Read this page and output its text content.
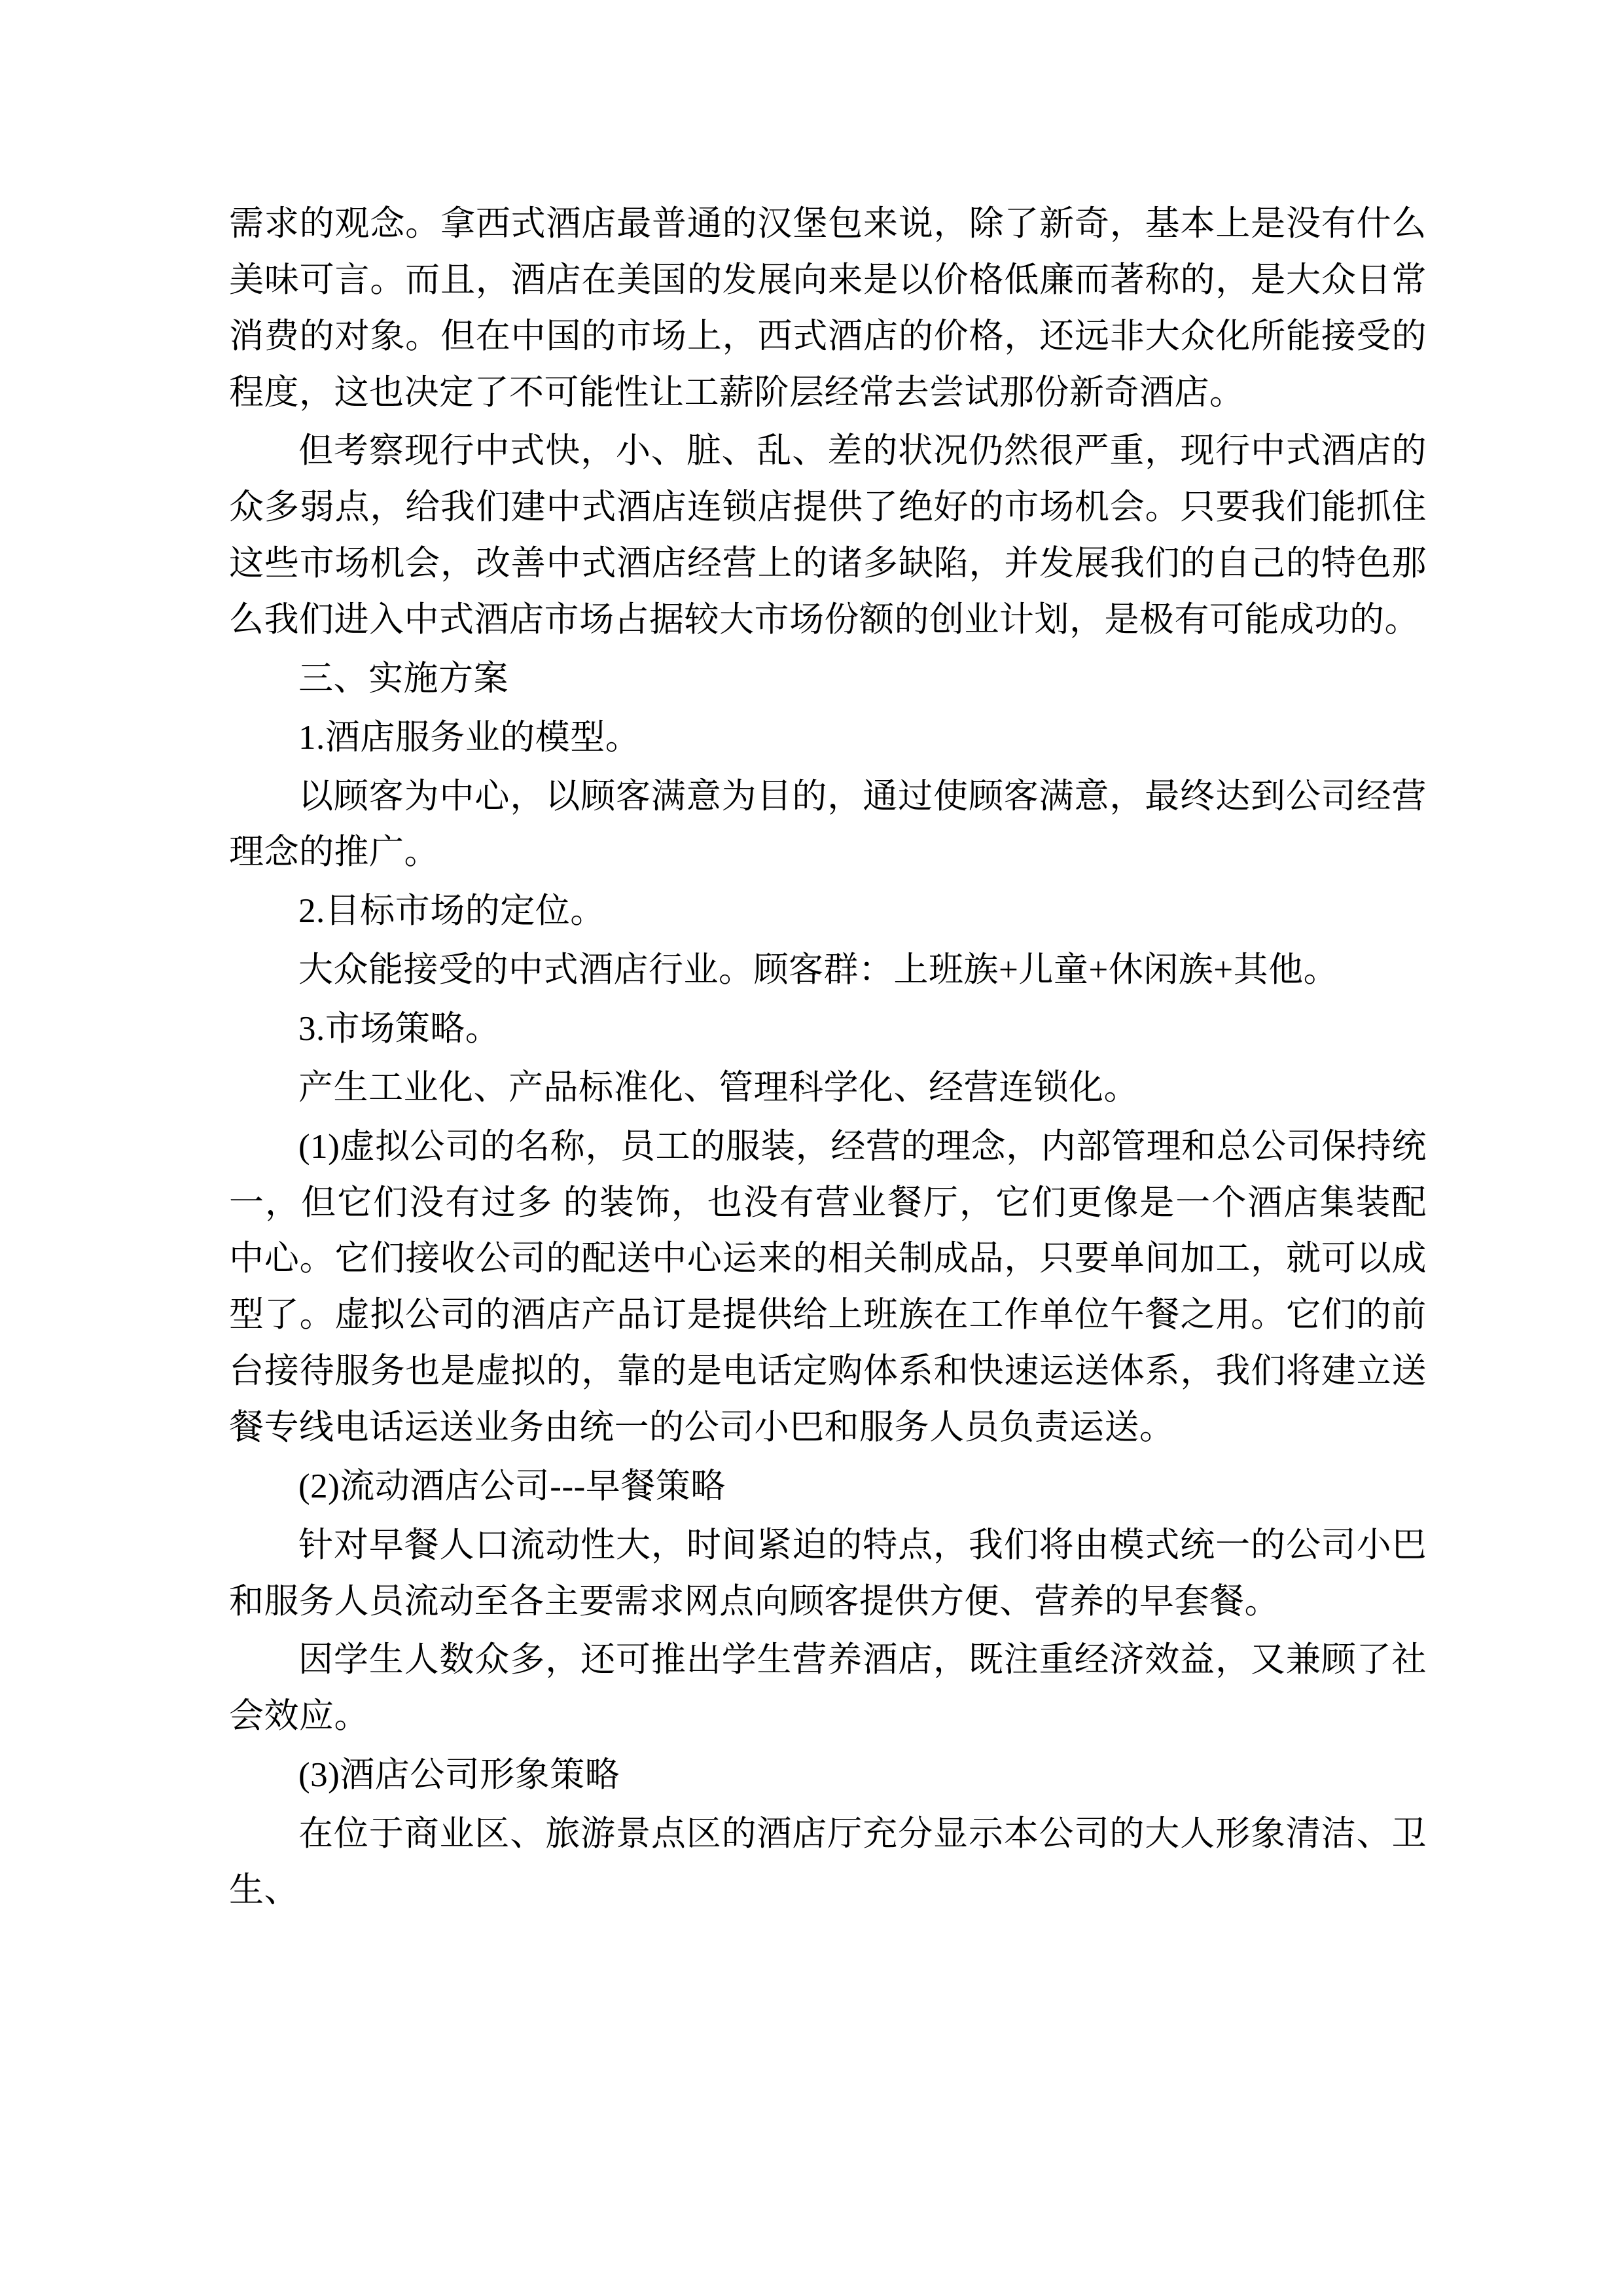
需求的观念。拿西式酒店最普通的汉堡包来说，除了新奇，基本上是没有什么美味可言。而且，酒店在美国的发展向来是以价格低廉而著称的，是大众日常消费的对象。但在中国的市场上，西式酒店的价格，还远非大众化所能接受的程度，这也决定了不可能性让工薪阶层经常去尝试那份新奇酒店。

但考察现行中式快，小、脏、乱、差的状况仍然很严重，现行中式酒店的众多弱点，给我们建中式酒店连锁店提供了绝好的市场机会。只要我们能抓住这些市场机会，改善中式酒店经营上的诸多缺陷，并发展我们的自己的特色那么我们进入中式酒店市场占据较大市场份额的创业计划，是极有可能成功的。

三、实施方案

1.酒店服务业的模型。

以顾客为中心，以顾客满意为目的，通过使顾客满意，最终达到公司经营理念的推广。

2.目标市场的定位。

大众能接受的中式酒店行业。顾客群：上班族+儿童+休闲族+其他。

3.市场策略。

产生工业化、产品标准化、管理科学化、经营连锁化。

(1)虚拟公司的名称，员工的服装，经营的理念，内部管理和总公司保持统一，但它们没有过多 的装饰，也没有营业餐厅，它们更像是一个酒店集装配中心。它们接收公司的配送中心运来的相关制成品，只要单间加工，就可以成型了。虚拟公司的酒店产品订是提供给上班族在工作单位午餐之用。它们的前台接待服务也是虚拟的，靠的是电话定购体系和快速运送体系，我们将建立送餐专线电话运送业务由统一的公司小巴和服务人员负责运送。

(2)流动酒店公司---早餐策略

针对早餐人口流动性大，时间紧迫的特点，我们将由模式统一的公司小巴和服务人员流动至各主要需求网点向顾客提供方便、营养的早套餐。

因学生人数众多，还可推出学生营养酒店，既注重经济效益，又兼顾了社会效应。

(3)酒店公司形象策略

在位于商业区、旅游景点区的酒店厅充分显示本公司的大人形象清洁、卫生、
